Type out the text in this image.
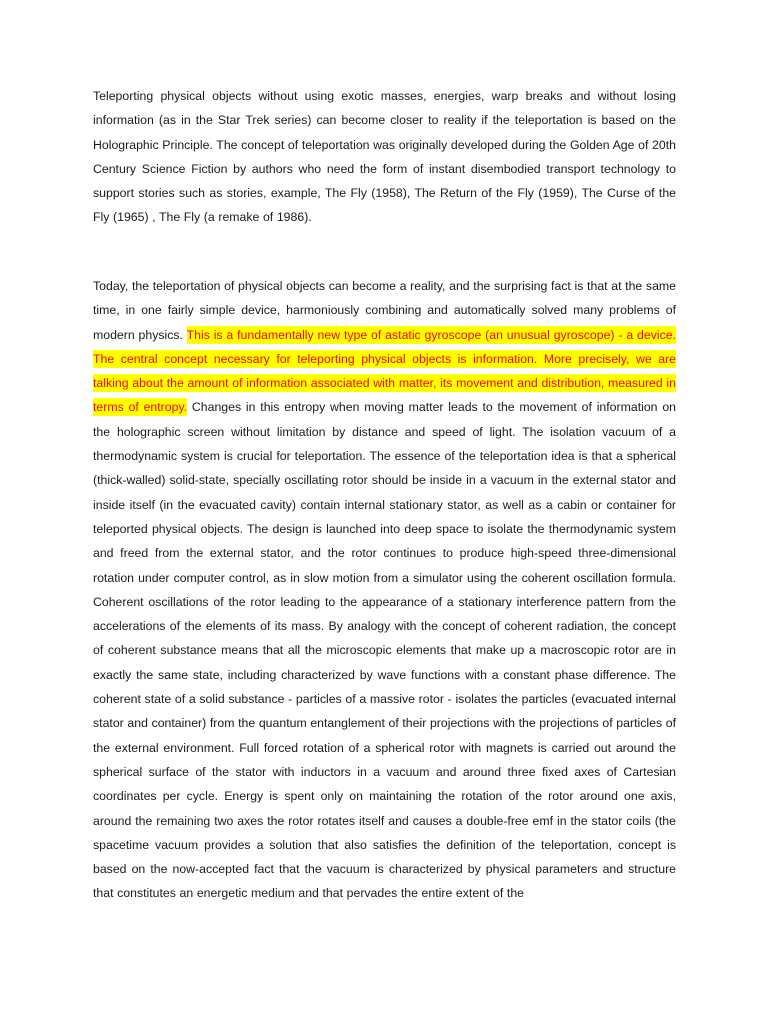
Teleporting physical objects without using exotic masses, energies, warp breaks and without losing information (as in the Star Trek series) can become closer to reality if the teleportation is based on the Holographic Principle. The concept of teleportation was originally developed during the Golden Age of 20th Century Science Fiction by authors who need the form of instant disembodied transport technology to support stories such as stories, example, The Fly (1958), The Return of the Fly (1959), The Curse of the Fly (1965) , The Fly (a remake of 1986).

Today, the teleportation of physical objects can become a reality, and the surprising fact is that at the same time, in one fairly simple device, harmoniously combining and automatically solved many problems of modern physics. This is a fundamentally new type of astatic gyroscope (an unusual gyroscope) - a device. The central concept necessary for teleporting physical objects is information. More precisely, we are talking about the amount of information associated with matter, its movement and distribution, measured in terms of entropy. Changes in this entropy when moving matter leads to the movement of information on the holographic screen without limitation by distance and speed of light. The isolation vacuum of a thermodynamic system is crucial for teleportation. The essence of the teleportation idea is that a spherical (thick-walled) solid-state, specially oscillating rotor should be inside in a vacuum in the external stator and inside itself (in the evacuated cavity) contain internal stationary stator, as well as a cabin or container for teleported physical objects. The design is launched into deep space to isolate the thermodynamic system and freed from the external stator, and the rotor continues to produce high-speed three-dimensional rotation under computer control, as in slow motion from a simulator using the coherent oscillation formula. Coherent oscillations of the rotor leading to the appearance of a stationary interference pattern from the accelerations of the elements of its mass. By analogy with the concept of coherent radiation, the concept of coherent substance means that all the microscopic elements that make up a macroscopic rotor are in exactly the same state, including characterized by wave functions with a constant phase difference. The coherent state of a solid substance - particles of a massive rotor - isolates the particles (evacuated internal stator and container) from the quantum entanglement of their projections with the projections of particles of the external environment. Full forced rotation of a spherical rotor with magnets is carried out around the spherical surface of the stator with inductors in a vacuum and around three fixed axes of Cartesian coordinates per cycle. Energy is spent only on maintaining the rotation of the rotor around one axis, around the remaining two axes the rotor rotates itself and causes a double-free emf in the stator coils (the spacetime vacuum provides a solution that also satisfies the definition of the teleportation, concept is based on the now-accepted fact that the vacuum is characterized by physical parameters and structure that constitutes an energetic medium and that pervades the entire extent of the
